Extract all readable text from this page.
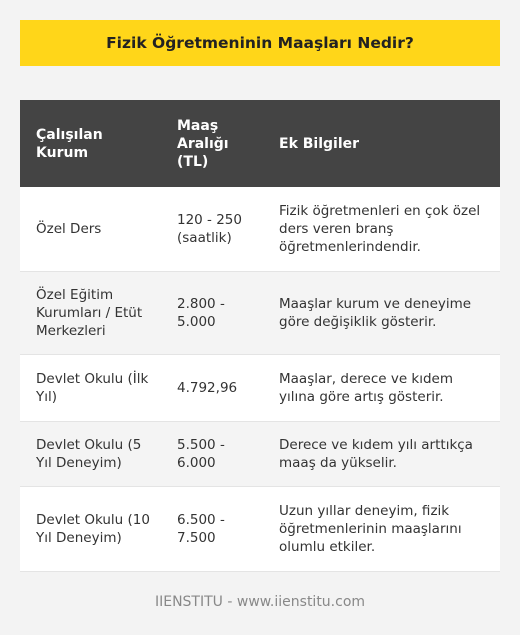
Fizik Öğretmeninin Maaşları Nedir?
Çalışılan Kurum	Maaş Aralığı (TL)	Ek Bilgiler
Özel Ders	120 - 250 (saatlik)	Fizik öğretmenleri en çok özel ders veren branş öğretmenlerindendir.
Özel Eğitim Kurumları / Etüt Merkezleri	2.800 - 5.000	Maaşlar kurum ve deneyime göre değişiklik gösterir.
Devlet Okulu (İlk Yıl)	4.792,96	Maaşlar, derece ve kıdem yılına göre artış gösterir.
Devlet Okulu (5 Yıl Deneyim)	5.500 - 6.000	Derece ve kıdem yılı arttıkça maaş da yükselir.
Devlet Okulu (10 Yıl Deneyim)	6.500 - 7.500	Uzun yıllar deneyim, fizik öğretmenlerinin maaşlarını olumlu etkiler.
IIENSTITU - www.iienstitu.com
